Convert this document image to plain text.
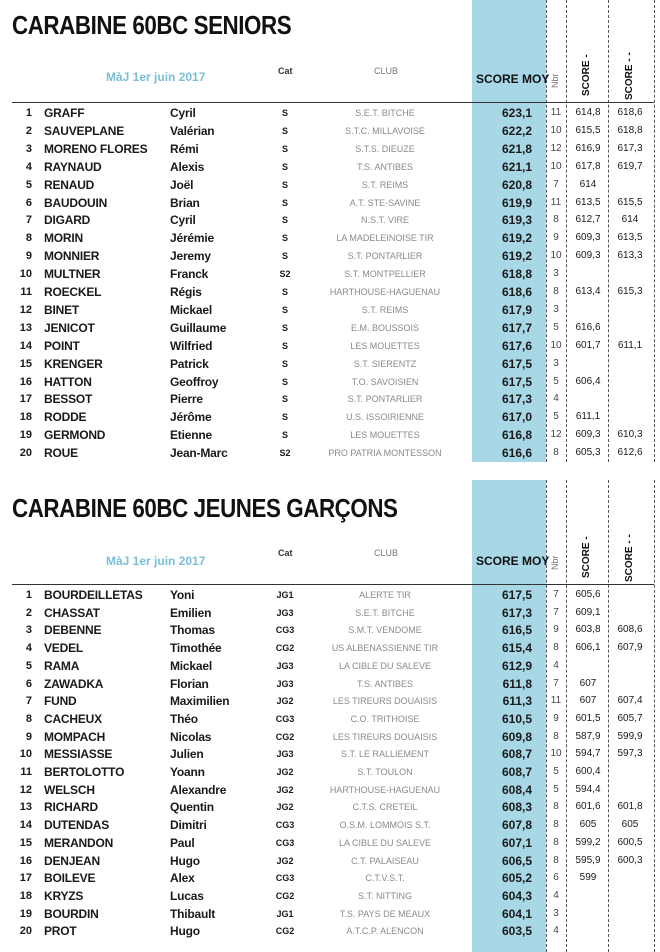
CARABINE 60BC SENIORS
MàJ 1er juin 2017	Cat	CLUB
SCORE MOY Nbr SCORE -	SCORE - -
1 GRAFF	Cyril	S	S.E.T. BITCHE	623,1 11	614,8	618,6
2 SAUVEPLANE	Valérian	S	S.T.C. MILLAVOISE	622,2 10	615,5	618,8
3 MORENO FLORES Rémi	S	S.T.S. DIEUZE	621,8 12	616,9	617,3
4 RAYNAUD	Alexis	S	T.S. ANTIBES	621,1 10	617,8	619,7
5 RENAUD	Joël	S	S.T. REIMS	620,8	7	614
6 BAUDOUIN	Brian	S	A.T. STE-SAVINE	619,9 11	613,5	615,5
7 DIGARD	Cyril	S	N.S.T. VIRE	619,3	8	612,7	614
8 MORIN	Jérémie	S	LA MADELEINOISE TIR	619,2	9	609,3	613,5
9 MONNIER	Jeremy	S	S.T. PONTARLIER	619,2 10	609,3	613,3
10 MULTNER	Franck	S2	S.T. MONTPELLIER	618,8	3
11 ROECKEL	Régis	S	HARTHOUSE-HAGUENAU	618,6	8	613,4	615,3
12 BINET	Mickael	S	S.T. REIMS	617,9	3
13 JENICOT	Guillaume	S	E.M. BOUSSOIS	617,7	5	616,6
14 POINT	Wilfried	S	LES MOUETTES	617,6 10	601,7	611,1
15 KRENGER	Patrick	S	S.T. SIERENTZ	617,5	3
16 HATTON	Geoffroy	S	T.O. SAVOISIEN	617,5	5	606,4
17 BESSOT	Pierre	S	S.T. PONTARLIER	617,3	4
18 RODDE	Jérôme	S	U.S. ISSOIRIENNE	617,0	5	611,1
19 GERMOND	Etienne	S	LES MOUETTES	616,8 12	609,3	610,3
20 ROUE	Jean-Marc	S2	PRO PATRIA MONTESSON	616,6	8	605,3	612,6
CARABINE 60BC JEUNES GARÇONS
MàJ 1er juin 2017
Cat	CLUB
SCORE MOY Nbr SCORE -	SCORE - -
1 BOURDEILLETAS Yoni	JG1	ALERTE TIR	617,5	7	605,6
2 CHASSAT	Emilien	JG3	S.E.T. BITCHE	617,3	7	609,1
3 DEBENNE	Thomas	CG3	S.M.T. VENDOME	616,5	9	603,8	608,6
4 VEDEL	Timothée	CG2	US ALBENASSIENNE TIR	615,4	8	606,1	607,9
5 RAMA	Mickael	JG3	LA CIBLE DU SALEVE	612,9	4
6 ZAWADKA	Florian	JG3	T.S. ANTIBES	611,8	7	607
7 FUND	Maximilien	JG2	LES TIREURS DOUAISIS	611,3 11	607	607,4
8 CACHEUX	Théo	CG3	C.O. TRITHOISE	610,5	9	601,5	605,7
9 MOMPACH	Nicolas	CG2	LES TIREURS DOUAISIS	609,8	8	587,9	599,9
10 MESSIASSE	Julien	JG3	S.T. LE RALLIEMENT	608,7 10	594,7	597,3
11 BERTOLOTTO	Yoann	JG2	S.T. TOULON	608,7	5	600,4
12 WELSCH	Alexandre	JG2	HARTHOUSE-HAGUENAU	608,4	5	594,4
13 RICHARD	Quentin	JG2	C.T.S. CRETEIL	608,3	8	601,6	601,8
14 DUTENDAS	Dimitri	CG3	O.S.M. LOMMOIS S.T.	607,8	8	605	605
15 MERANDON	Paul	CG3	LA CIBLE DU SALEVE	607,1	8	599,2	600,5
16 DENJEAN	Hugo	JG2	C.T. PALAISEAU	606,5	8	595,9	600,3
17 BOILEVE	Alex	CG3	C.T.V.S.T.	605,2	6	599
18 KRYZS	Lucas	CG2	S.T. NITTING	604,3	4
19 BOURDIN	Thibault	JG1	T.S. PAYS DE MEAUX	604,1	3
20 PROT	Hugo	CG2	A.T.C.P. ALENCON	603,5	4
